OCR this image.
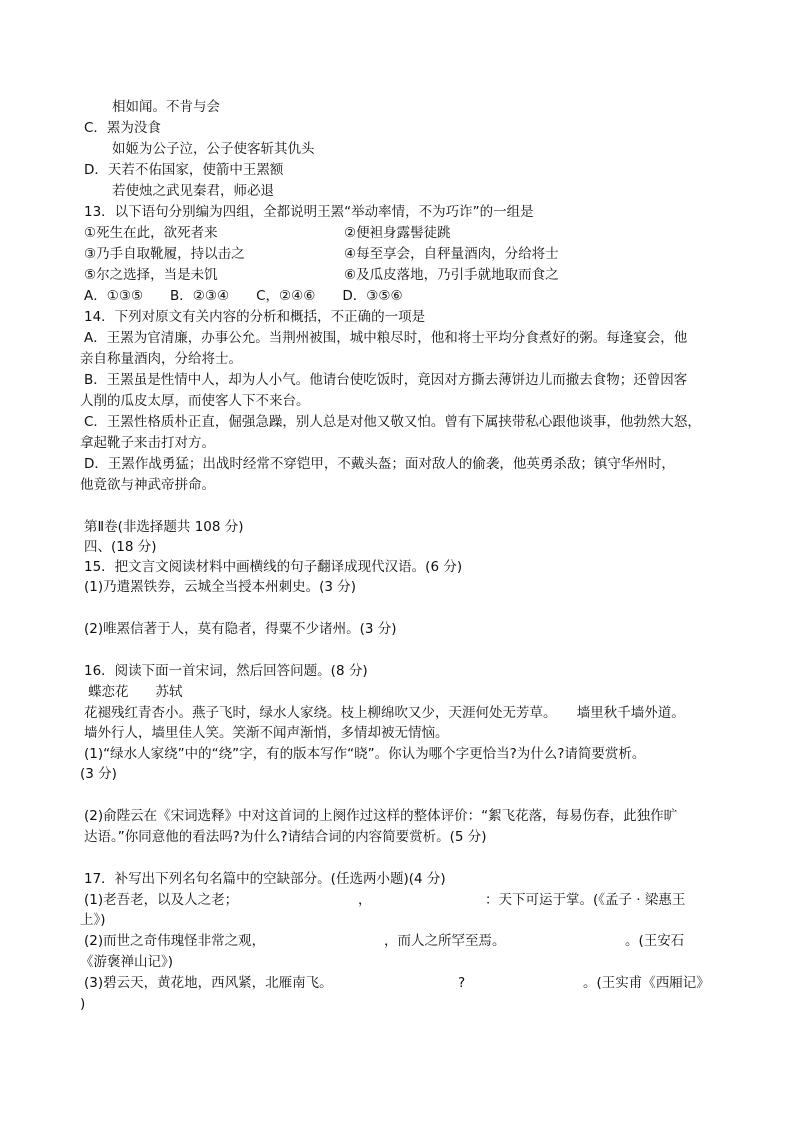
相如闻。不肯与会
C．罴为没食
如姬为公子泣，公子使客斩其仇头
D．天若不佑国家，使箭中王罴额
若使烛之武见秦君，师必退
13．以下语句分别编为四组，全都说明王罴“举动率情，不为巧诈”的一组是
①死生在此，欲死者来	②便袒身露髻徒跳
③乃手自取靴履，持以击之	④每至享会，自秤量酒肉，分给将士
⑤尔之选择，当是未饥	⑥及瓜皮落地，乃引手就地取而食之
A．①③⑤　　B．②③④　　C，②④⑥　　D．③⑤⑥
14．下列对原文有关内容的分析和概括，不正确的一项是
A．王罴为官清廉，办事公允。当荆州被围，城中粮尽时，他和将士平均分食煮好的粥。每逢宴会，他
亲自称量酒肉，分给将士。
B．王罴虽是性情中人，却为人小气。他请台使吃饭时，竟因对方撕去薄饼边儿而撤去食物；还曾因客
人削的瓜皮太厚，而使客人下不来台。
C．王罴性格质朴正直，倔强急躁，别人总是对他又敬又怕。曾有下属挟带私心跟他谈事，他勃然大怒，
拿起靴子来击打对方。
D．王罴作战勇猛；出战时经常不穿铠甲，不戴头盔；面对敌人的偷袭，他英勇杀敌；镇守华州时，
他竟欲与神武帝拼命。
第Ⅱ卷(非选择题共 108 分)
四、(18 分)
15．把文言文阅读材料中画横线的句子翻译成现代汉语。(6 分)
(1)乃遣罴铁券，云城全当授本州刺史。(3 分)
(2)唯罴信著于人，莫有隐者，得粟不少诸州。(3 分)
16．阅读下面一首宋词，然后回答问题。(8 分)
蝶恋花　　苏轼
花褪残红青杏小。燕子飞时，绿水人家绕。枝上柳绵吹又少，天涯何处无芳草。　　墙里秋千墙外道。
墙外行人，墙里佳人笑。笑渐不闻声渐悄，多情却被无情恼。
(1)“绿水人家绕”中的“绕”字，有的版本写作“晓”。你认为哪个字更恰当?为什么?请简要赏析。
(3 分)
(2)俞陛云在《宋词选释》中对这首词的上阕作过这样的整体评价：“絮飞花落，每易伤春，此独作旷
达语。”你同意他的看法吗?为什么?请结合词的内容简要赏析。(5 分)
17．补写出下列名句名篇中的空缺部分。(任选两小题)(4 分)
(1)老吾老，以及人之老；	，	：天下可运于掌。(《孟子 · 梁惠王
上》)
(2)而世之奇伟瑰怪非常之观，	，而人之所罕至焉。	。(王安石
《游褒禅山记》)
(3)碧云天，黄花地，西风紧，北雁南飞。	?	。(王实甫《西厢记》
)
